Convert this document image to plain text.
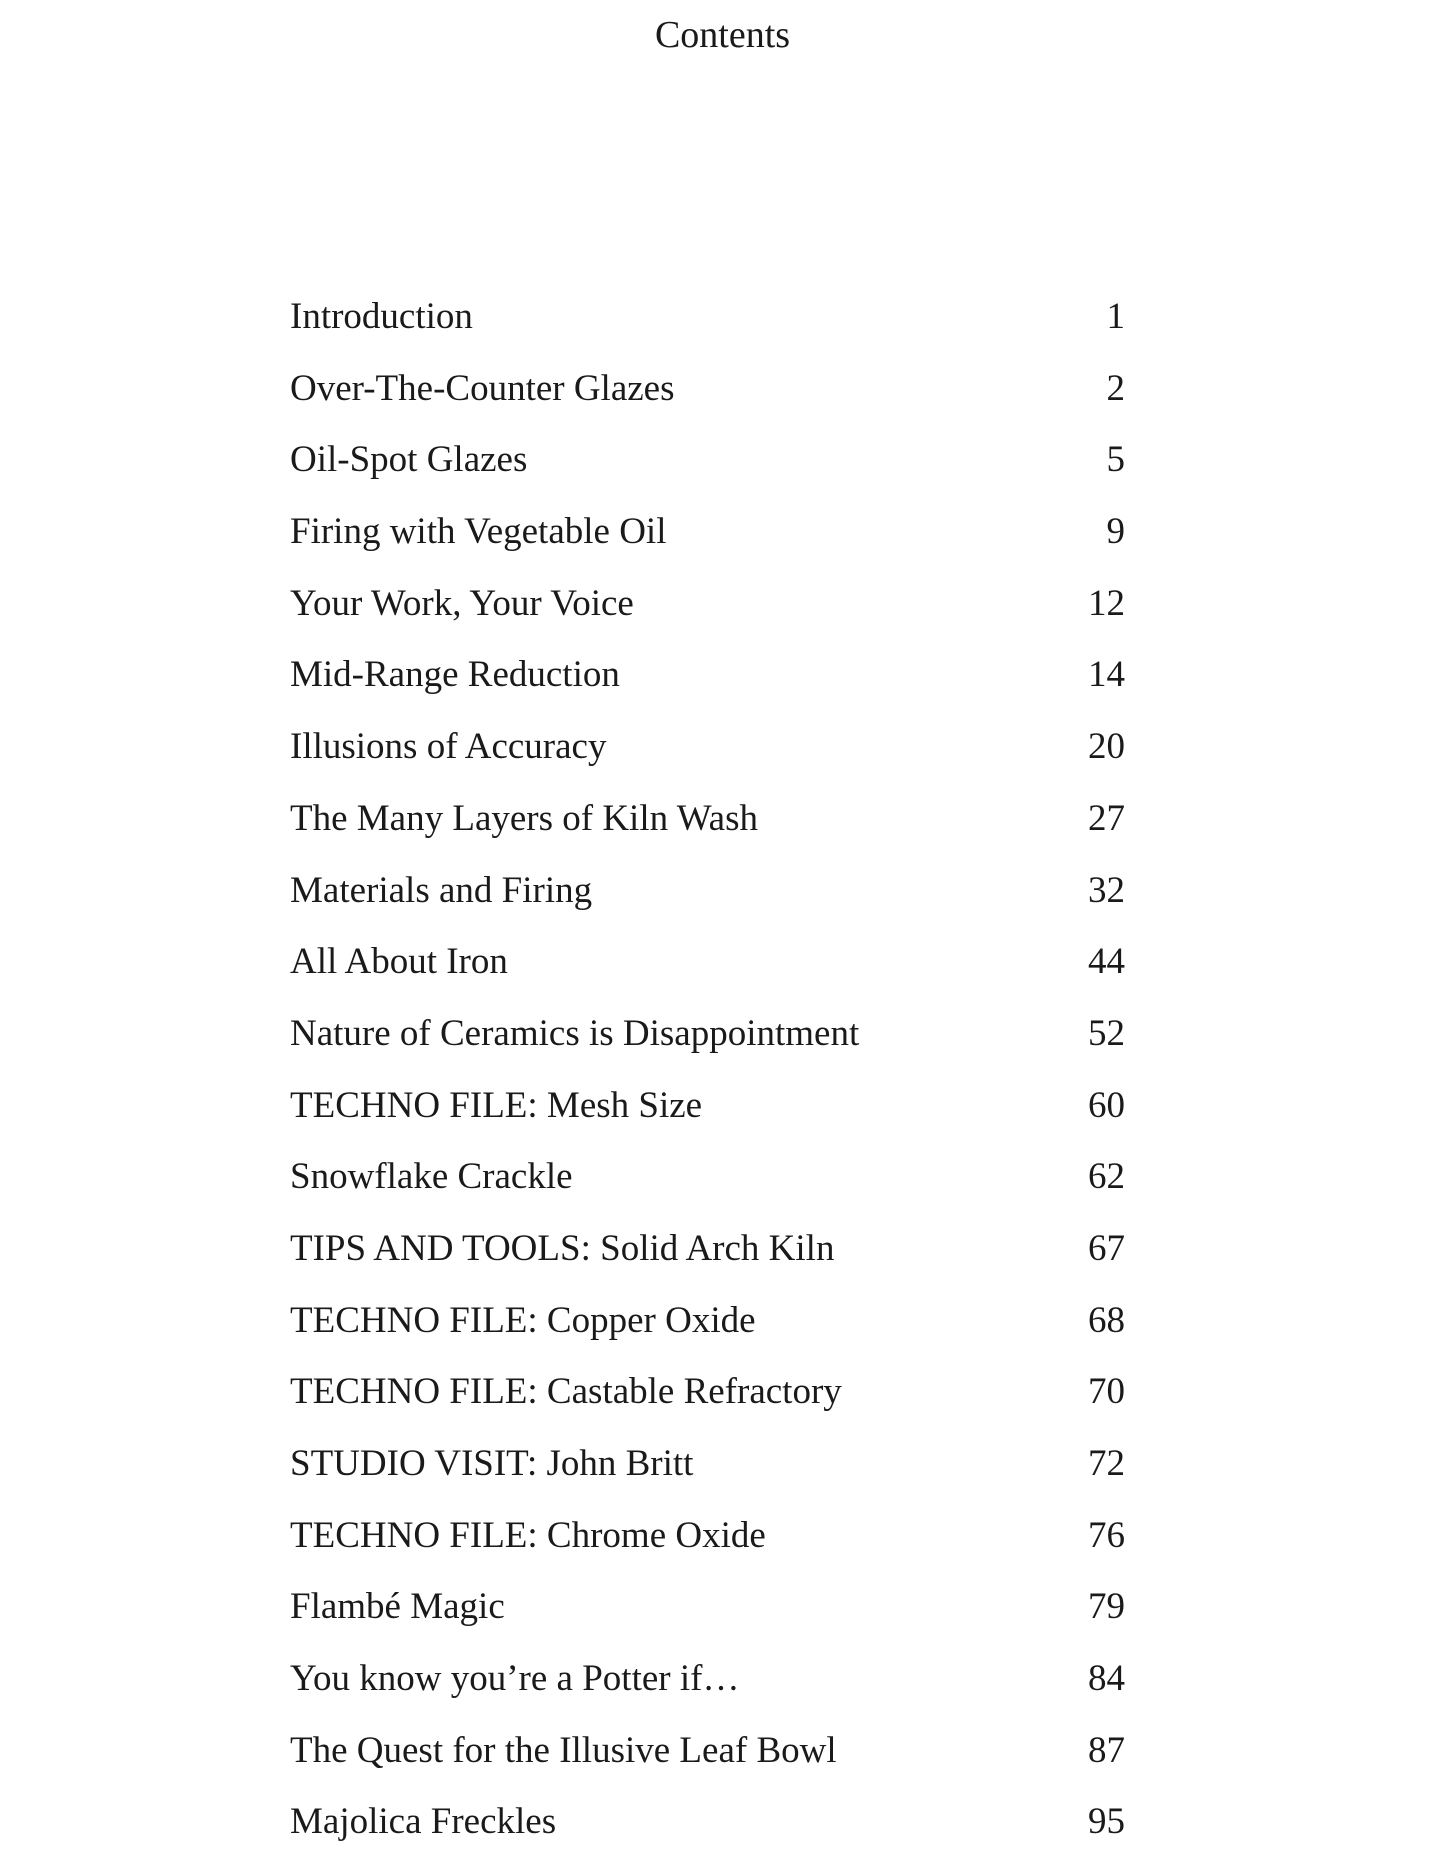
Contents
Introduction	1
Over-The-Counter Glazes	2
Oil-Spot Glazes	5
Firing with Vegetable Oil	9
Your Work, Your Voice	12
Mid-Range Reduction	14
Illusions of Accuracy	20
The Many Layers of Kiln Wash	27
Materials and Firing	32
All About Iron	44
Nature of Ceramics is Disappointment	52
TECHNO FILE: Mesh Size	60
Snowflake Crackle	62
TIPS AND TOOLS: Solid Arch Kiln	67
TECHNO FILE: Copper Oxide	68
TECHNO FILE: Castable Refractory	70
STUDIO VISIT: John Britt	72
TECHNO FILE: Chrome Oxide	76
Flambé Magic	79
You know you’re a Potter if…	84
The Quest for the Illusive Leaf Bowl	87
Majolica Freckles	95
